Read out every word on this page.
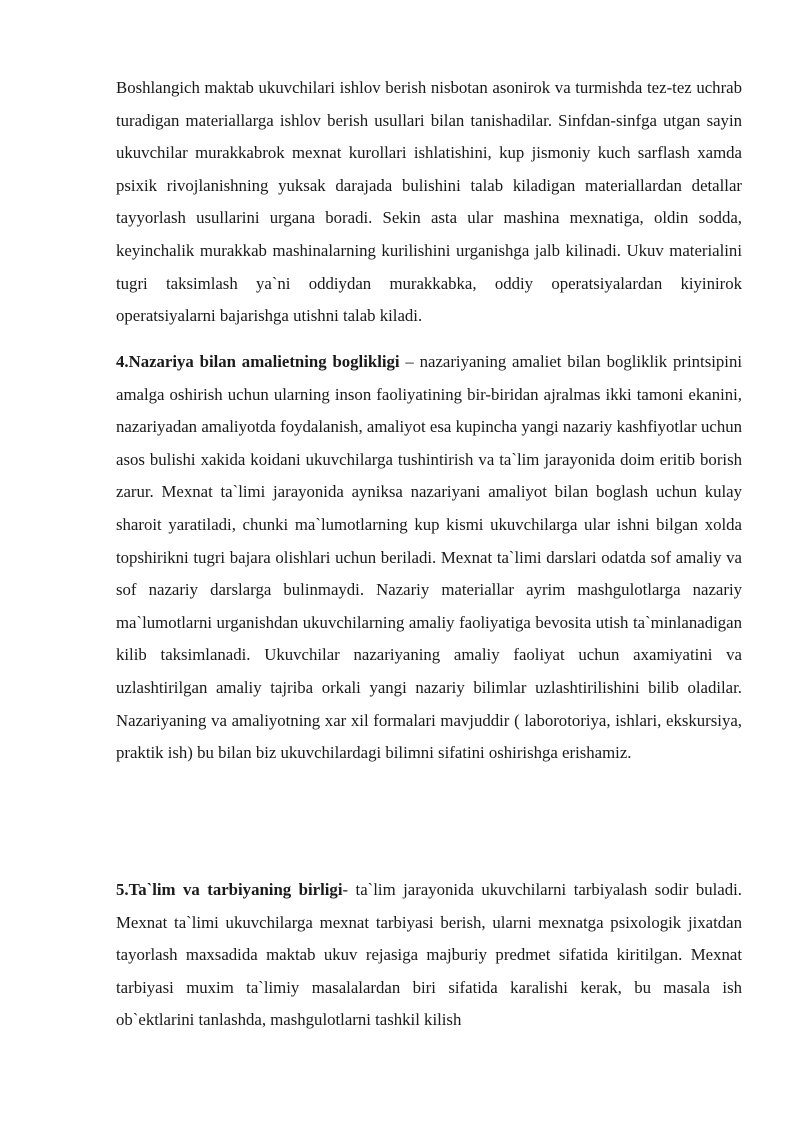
Boshlangich maktab ukuvchilari ishlov berish nisbotan asonirok va turmishda tez-tez uchrab turadigan materiallarga ishlov berish usullari bilan tanishadilar. Sinfdan-sinfga utgan sayin ukuvchilar murakkabrok mexnat kurollari ishlatishini, kup jismoniy kuch sarflash xamda psixik rivojlanishning yuksak darajada bulishini talab kiladigan materiallardan detallar tayyorlash usullarini urgana boradi. Sekin asta ular mashina mexnatiga, oldin sodda, keyinchalik murakkab mashinalarning kurilishini urganishga jalb kilinadi. Ukuv materialini tugri taksimlash ya`ni oddiydan murakkabka, oddiy operatsiyalardan kiyinirok operatsiyalarni bajarishga utishni talab kiladi.

4.Nazariya bilan amalietning boglikligi – nazariyaning amaliet bilan bogliklik printsipini amalga oshirish uchun ularning inson faoliyatining bir-biridan ajralmas ikki tamoni ekanini, nazariyadan amaliyotda foydalanish, amaliyot esa kupincha yangi nazariy kashfiyotlar uchun asos bulishi xakida koidani ukuvchilarga tushintirish va ta`lim jarayonida doim eritib borish zarur. Mexnat ta`limi jarayonida ayniksa nazariyani amaliyot bilan boglash uchun kulay sharoit yaratiladi, chunki ma`lumotlarning kup kismi ukuvchilarga ular ishni bilgan xolda topshirikni tugri bajara olishlari uchun beriladi. Mexnat ta`limi darslari odatda sof amaliy va sof nazariy darslarga bulinmaydi. Nazariy materiallar ayrim mashgulotlarga nazariy ma`lumotlarni urganishdan ukuvchilarning amaliy faoliyatiga bevosita utish ta`minlanadigan kilib taksimlanadi. Ukuvchilar nazariyaning amaliy faoliyat uchun axamiyatini va uzlashtirilgan amaliy tajriba orkali yangi nazariy bilimlar uzlashtirilishini bilib oladilar. Nazariyaning va amaliyotning xar xil formalari mavjuddir ( laborotoriya, ishlari, ekskursiya, praktik ish) bu bilan biz ukuvchilardagi bilimni sifatini oshirishga erishamiz.

5.Ta`lim va tarbiyaning birligi- ta`lim jarayonida ukuvchilarni tarbiyalash sodir buladi. Mexnat ta`limi ukuvchilarga mexnat tarbiyasi berish, ularni mexnatga psixologik jixatdan tayorlash maxsadida maktab ukuv rejasiga majburiy predmet sifatida kiritilgan. Mexnat tarbiyasi muxim ta`limiy masalalardan biri sifatida karalishi kerak, bu masala ish ob`ektlarini tanlashda, mashgulotlarni tashkil kilish
